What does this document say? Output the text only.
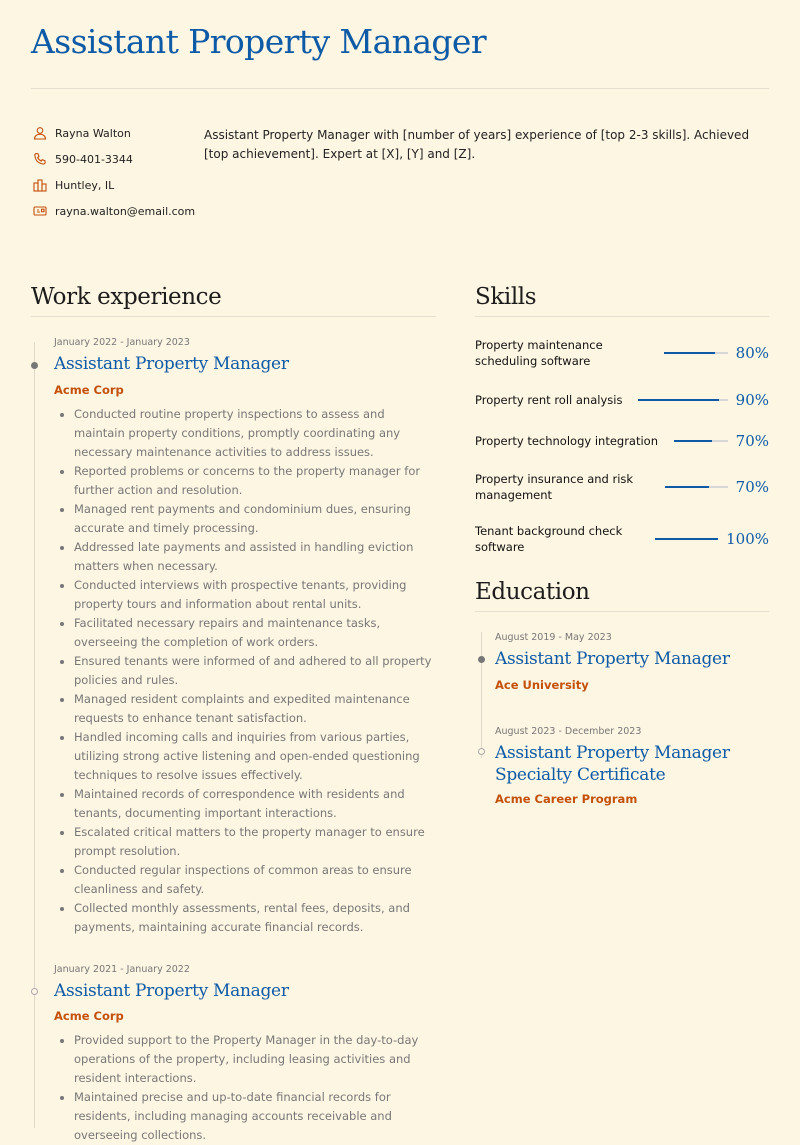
Assistant Property Manager
Rayna Walton
590-401-3344
Huntley, IL
rayna.walton@email.com
Assistant Property Manager with [number of years] experience of [top 2-3 skills]. Achieved [top achievement]. Expert at [X], [Y] and [Z].
Work experience
January 2022 - January 2023
Assistant Property Manager
Acme Corp
• Conducted routine property inspections to assess and maintain property conditions, promptly coordinating any necessary maintenance activities to address issues.
• Reported problems or concerns to the property manager for further action and resolution.
• Managed rent payments and condominium dues, ensuring accurate and timely processing.
• Addressed late payments and assisted in handling eviction matters when necessary.
• Conducted interviews with prospective tenants, providing property tours and information about rental units.
• Facilitated necessary repairs and maintenance tasks, overseeing the completion of work orders.
• Ensured tenants were informed of and adhered to all property policies and rules.
• Managed resident complaints and expedited maintenance requests to enhance tenant satisfaction.
• Handled incoming calls and inquiries from various parties, utilizing strong active listening and open-ended questioning techniques to resolve issues effectively.
• Maintained records of correspondence with residents and tenants, documenting important interactions.
• Escalated critical matters to the property manager to ensure prompt resolution.
• Conducted regular inspections of common areas to ensure cleanliness and safety.
• Collected monthly assessments, rental fees, deposits, and payments, maintaining accurate financial records.
January 2021 - January 2022
Assistant Property Manager
Acme Corp
• Provided support to the Property Manager in the day-to-day operations of the property, including leasing activities and resident interactions.
• Maintained precise and up-to-date financial records for residents, including managing accounts receivable and overseeing collections.
Skills
Property maintenance scheduling software	80%
Property rent roll analysis	90%
Property technology integration	70%
Property insurance and risk management	70%
Tenant background check software	100%
Education
August 2019 - May 2023
Assistant Property Manager
Ace University
August 2023 - December 2023
Assistant Property Manager Specialty Certificate
Acme Career Program
